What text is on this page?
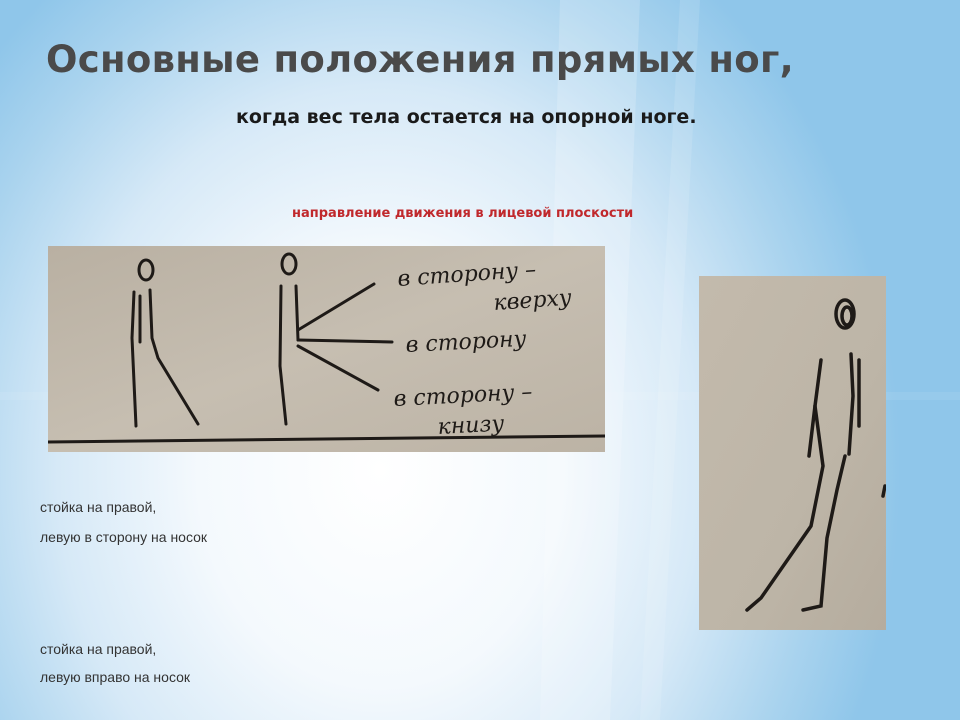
Основные положения прямых ног,

когда вес тела остается на опорной ноге.

направление движения в лицевой плоскости

в сторону –
кверху
в сторону
в сторону –
книзу

стойка на правой,

левую в сторону на носок

стойка на правой,

левую вправо на носок
